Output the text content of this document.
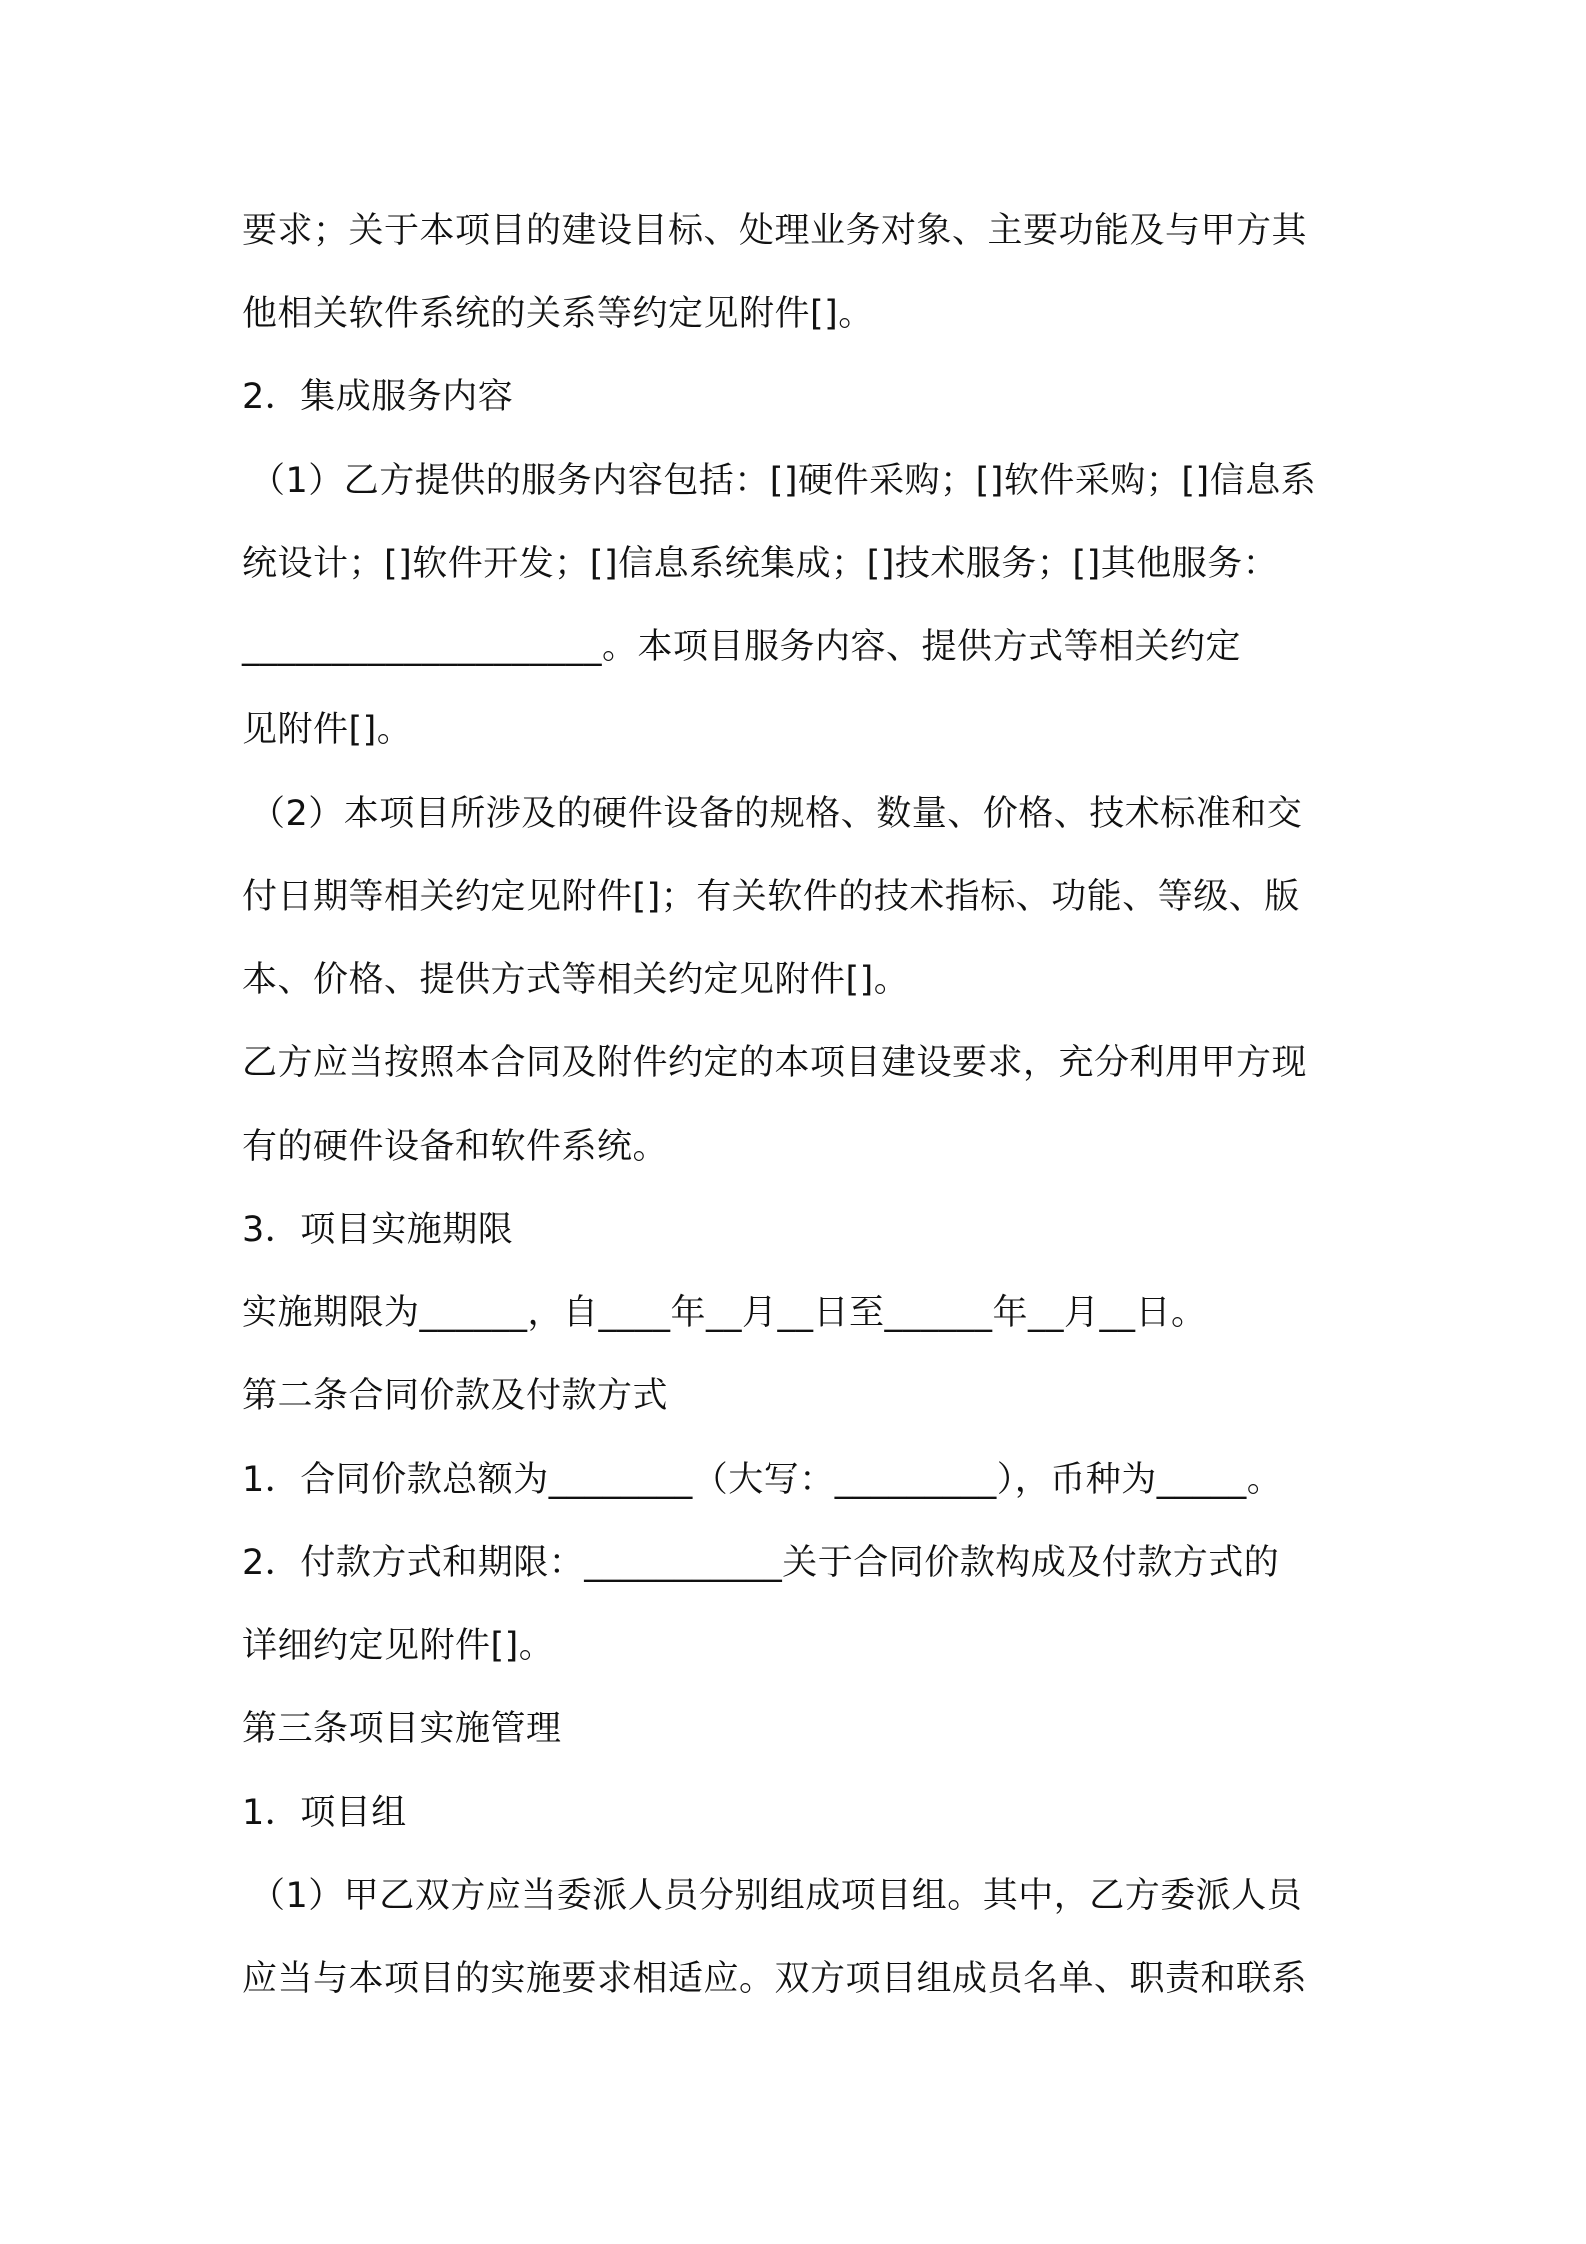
要求；关于本项目的建设目标、处理业务对象、主要功能及与甲方其
他相关软件系统的关系等约定见附件[]。
2．集成服务内容
（1）乙方提供的服务内容包括：[]硬件采购；[]软件采购；[]信息系
统设计；[]软件开发；[]信息系统集成；[]技术服务；[]其他服务：
____________________。本项目服务内容、提供方式等相关约定
见附件[]。
（2）本项目所涉及的硬件设备的规格、数量、价格、技术标准和交
付日期等相关约定见附件[]；有关软件的技术指标、功能、等级、版
本、价格、提供方式等相关约定见附件[]。
乙方应当按照本合同及附件约定的本项目建设要求，充分利用甲方现
有的硬件设备和软件系统。
3．项目实施期限
实施期限为______，自____年__月__日至______年__月__日。
第二条合同价款及付款方式
1．合同价款总额为________（大写：_________），币种为_____。
2．付款方式和期限：___________关于合同价款构成及付款方式的
详细约定见附件[]。
第三条项目实施管理
1．项目组
（1）甲乙双方应当委派人员分别组成项目组。其中，乙方委派人员
应当与本项目的实施要求相适应。双方项目组成员名单、职责和联系
